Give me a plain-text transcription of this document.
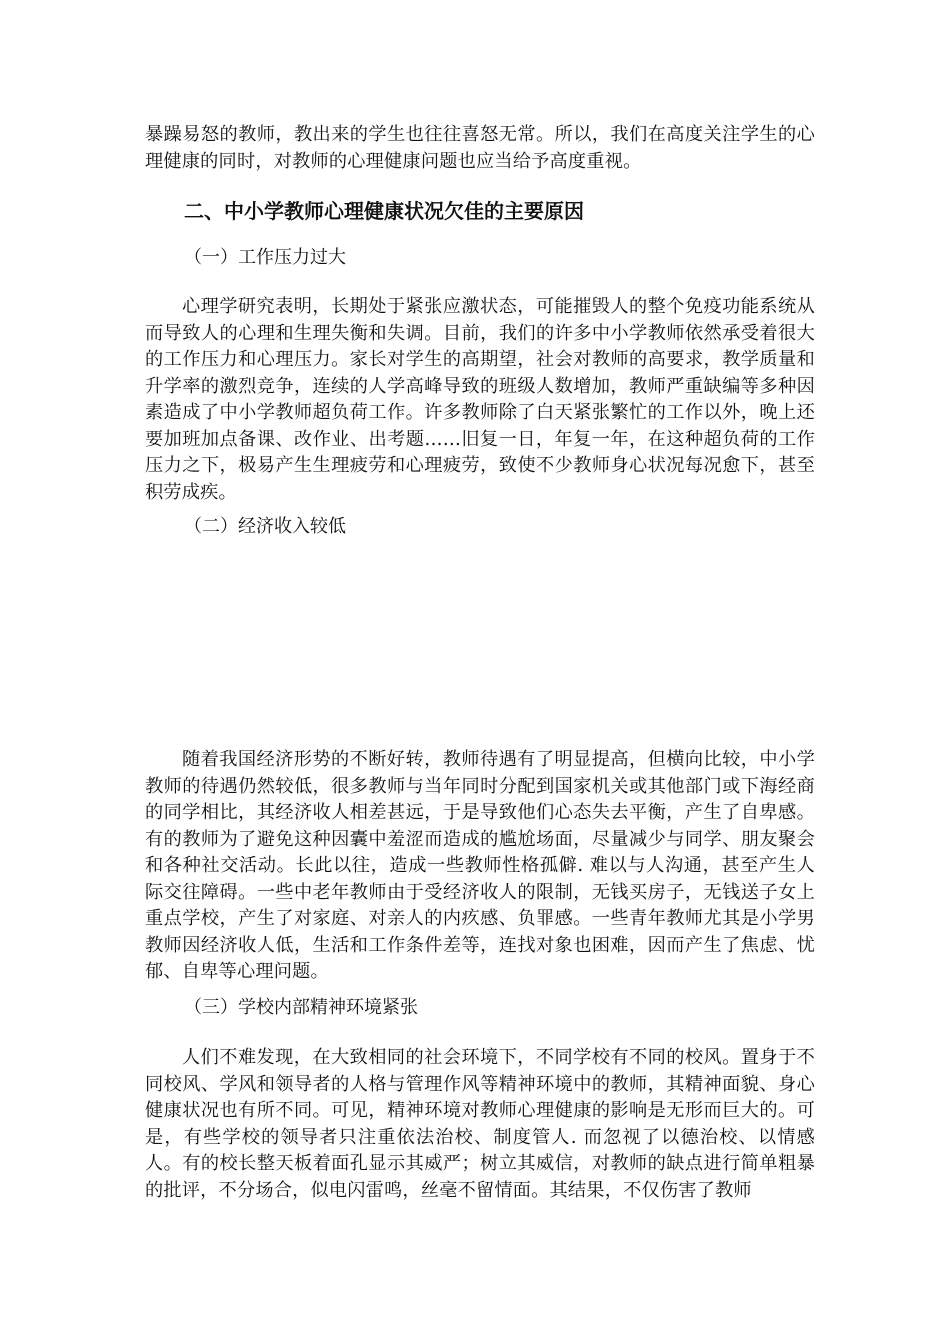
暴躁易怒的教师，教出来的学生也往往喜怒无常。所以，我们在高度关注学生的心理健康的同时，对教师的心理健康问题也应当给予高度重视。

二、中小学教师心理健康状况欠佳的主要原因

（一）工作压力过大

心理学研究表明，长期处于紧张应激状态，可能摧毁人的整个免疫功能系统从而导致人的心理和生理失衡和失调。目前，我们的许多中小学教师依然承受着很大的工作压力和心理压力。家长对学生的高期望，社会对教师的高要求，教学质量和升学率的激烈竞争，连续的人学高峰导致的班级人数增加，教师严重缺编等多种因素造成了中小学教师超负荷工作。许多教师除了白天紧张繁忙的工作以外，晚上还要加班加点备课、改作业、出考题……旧复一日，年复一年，在这种超负荷的工作压力之下，极易产生生理疲劳和心理疲劳，致使不少教师身心状况每况愈下，甚至积劳成疾。

（二）经济收入较低

随着我国经济形势的不断好转，教师待遇有了明显提高，但横向比较，中小学教师的待遇仍然较低，很多教师与当年同时分配到国家机关或其他部门或下海经商的同学相比，其经济收人相差甚远，于是导致他们心态失去平衡，产生了自卑感。有的教师为了避免这种因囊中羞涩而造成的尴尬场面，尽量减少与同学、朋友聚会和各种社交活动。长此以往，造成一些教师性格孤僻. 难以与人沟通，甚至产生人际交往障碍。一些中老年教师由于受经济收人的限制，无钱买房子，无钱送子女上重点学校，产生了对家庭、对亲人的内疚感、负罪感。一些青年教师尤其是小学男教师因经济收人低，生活和工作条件差等，连找对象也困难，因而产生了焦虑、忧郁、自卑等心理问题。

（三）学校内部精神环境紧张

人们不难发现，在大致相同的社会环境下，不同学校有不同的校风。置身于不同校风、学风和领导者的人格与管理作风等精神环境中的教师，其精神面貌、身心健康状况也有所不同。可见，精神环境对教师心理健康的影响是无形而巨大的。可是，有些学校的领导者只注重依法治校、制度管人. 而忽视了以德治校、以情感人。有的校长整天板着面孔显示其威严；树立其威信，对教师的缺点进行简单粗暴的批评，不分场合，似电闪雷鸣，丝毫不留情面。其结果，不仅伤害了教师
